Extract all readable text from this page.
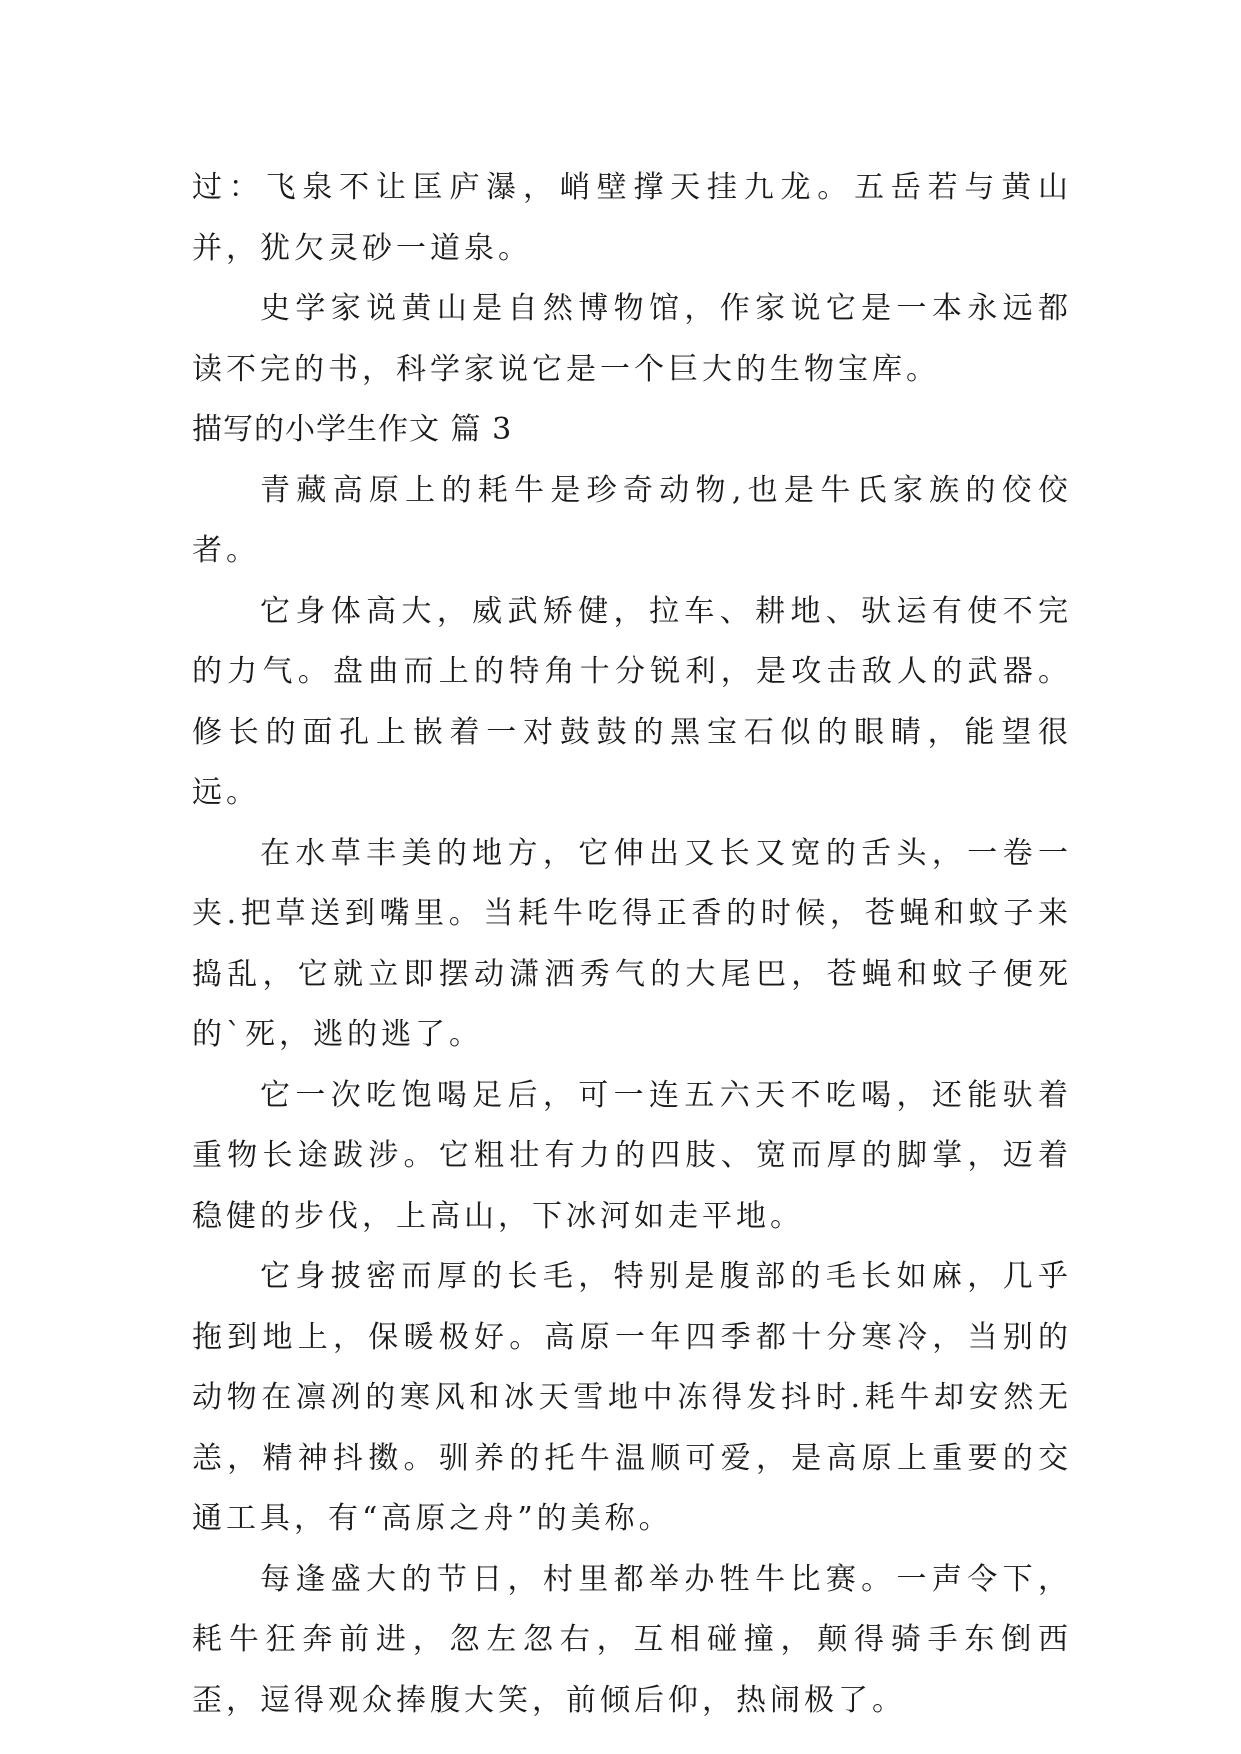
过：飞泉不让匡庐瀑，峭壁撑天挂九龙。五岳若与黄山并，犹欠灵砂一道泉。

史学家说黄山是自然博物馆，作家说它是一本永远都读不完的书，科学家说它是一个巨大的生物宝库。

描写的小学生作文 篇 3

青藏高原上的耗牛是珍奇动物,也是牛氏家族的佼佼者。

它身体高大，威武矫健，拉车、耕地、驮运有使不完的力气。盘曲而上的特角十分锐利，是攻击敌人的武器。修长的面孔上嵌着一对鼓鼓的黑宝石似的眼睛，能望很远。

在水草丰美的地方，它伸出又长又宽的舌头，一卷一夹.把草送到嘴里。当耗牛吃得正香的时候，苍蝇和蚊子来捣乱，它就立即摆动潇洒秀气的大尾巴，苍蝇和蚊子便死的`死，逃的逃了。

它一次吃饱喝足后，可一连五六天不吃喝，还能驮着重物长途跋涉。它粗壮有力的四肢、宽而厚的脚掌，迈着稳健的步伐，上高山，下冰河如走平地。

它身披密而厚的长毛，特别是腹部的毛长如麻，几乎拖到地上，保暖极好。高原一年四季都十分寒冷，当别的动物在凛冽的寒风和冰天雪地中冻得发抖时.耗牛却安然无恙，精神抖擞。驯养的托牛温顺可爱，是高原上重要的交通工具，有“高原之舟”的美称。

每逢盛大的节日，村里都举办牲牛比赛。一声令下，耗牛狂奔前进，忽左忽右，互相碰撞，颠得骑手东倒西歪，逗得观众捧腹大笑，前倾后仰，热闹极了。
